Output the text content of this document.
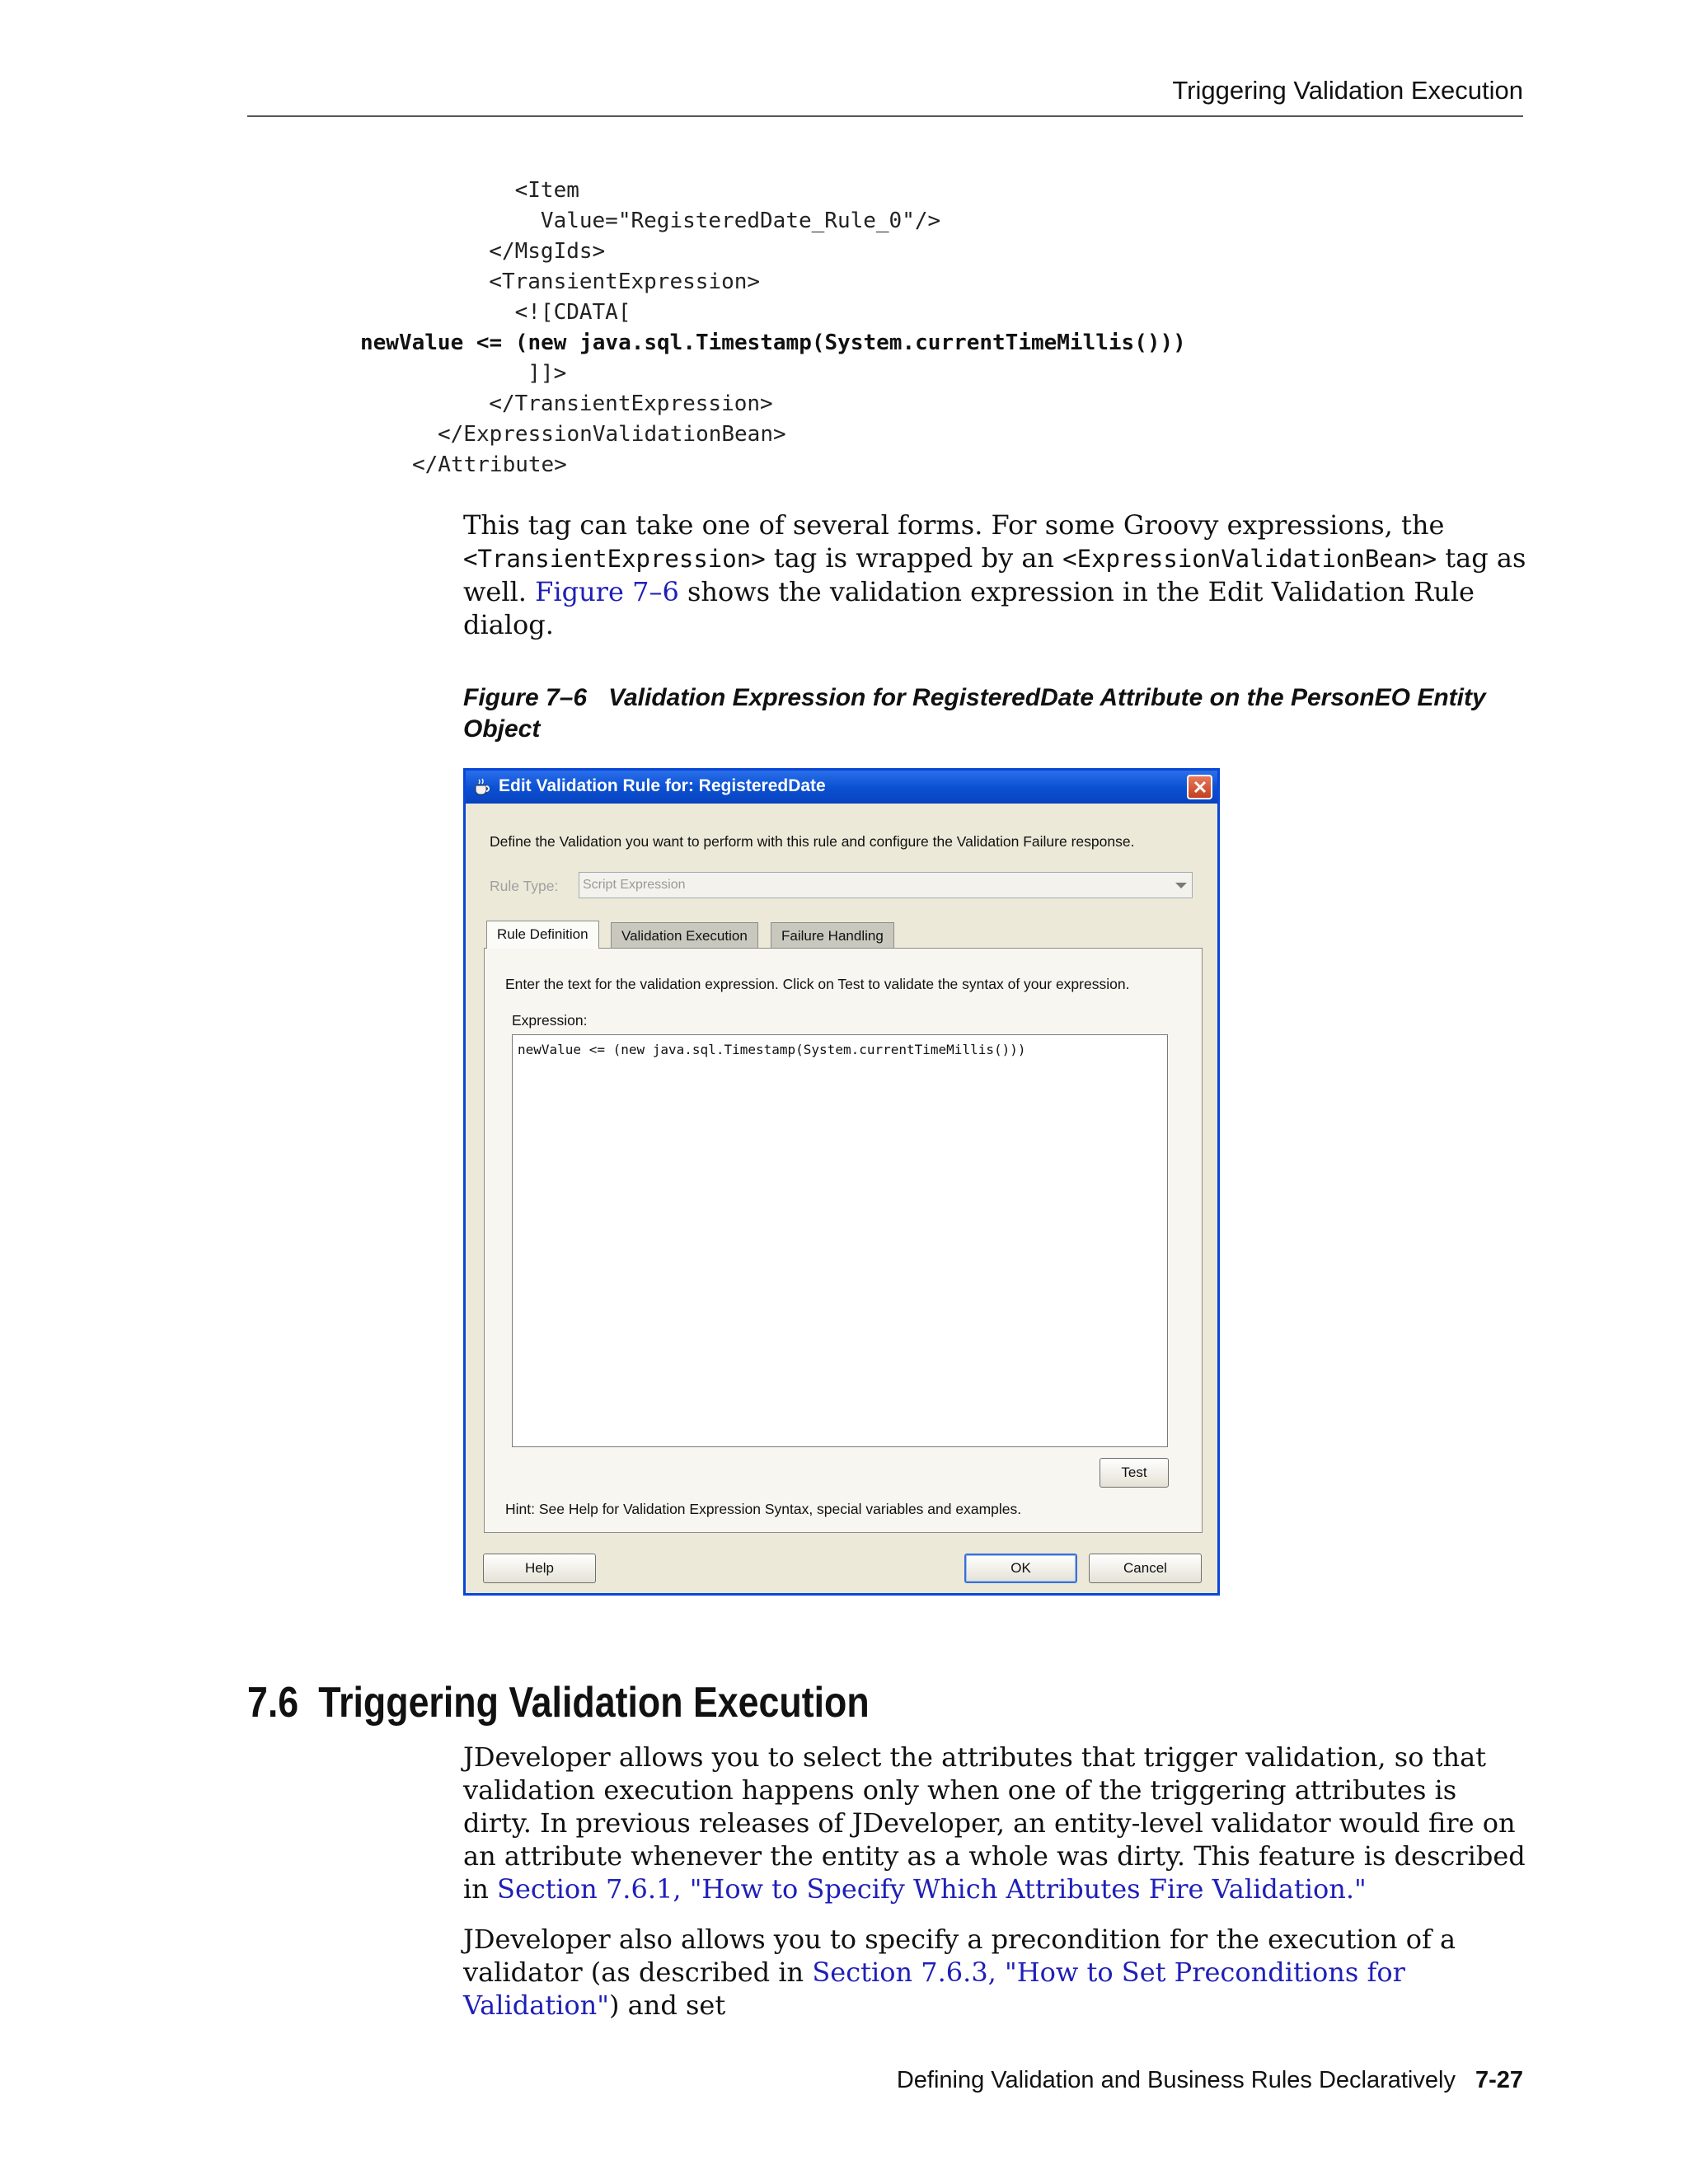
Triggering Validation Execution
<Item
Value="RegisteredDate_Rule_0"/>
</MsgIds>
<TransientExpression>
<![CDATA[
newValue <= (new java.sql.Timestamp(System.currentTimeMillis()))
]]>
</TransientExpression>
</ExpressionValidationBean>
</Attribute>

This tag can take one of several forms. For some Groovy expressions, the <TransientExpression> tag is wrapped by an <ExpressionValidationBean> tag as well. Figure 7–6 shows the validation expression in the Edit Validation Rule dialog.

Figure 7–6 Validation Expression for RegisteredDate Attribute on the PersonEO Entity Object
Edit Validation Rule for: RegisteredDate
Define the Validation you want to perform with this rule and configure the Validation Failure response.
Rule Type: Script Expression
Rule Definition	Validation Execution	Failure Handling
Enter the text for the validation expression. Click on Test to validate the syntax of your expression.
Expression:
newValue <= (new java.sql.Timestamp(System.currentTimeMillis()))
Test
Hint: See Help for Validation Expression Syntax, special variables and examples.
Help	OK	Cancel
7.6 Triggering Validation Execution

JDeveloper allows you to select the attributes that trigger validation, so that validation execution happens only when one of the triggering attributes is dirty. In previous releases of JDeveloper, an entity-level validator would fire on an attribute whenever the entity as a whole was dirty. This feature is described in Section 7.6.1, "How to Specify Which Attributes Fire Validation."

JDeveloper also allows you to specify a precondition for the execution of a validator (as described in Section 7.6.3, "How to Set Preconditions for Validation") and set

Defining Validation and Business Rules Declaratively 7-27
